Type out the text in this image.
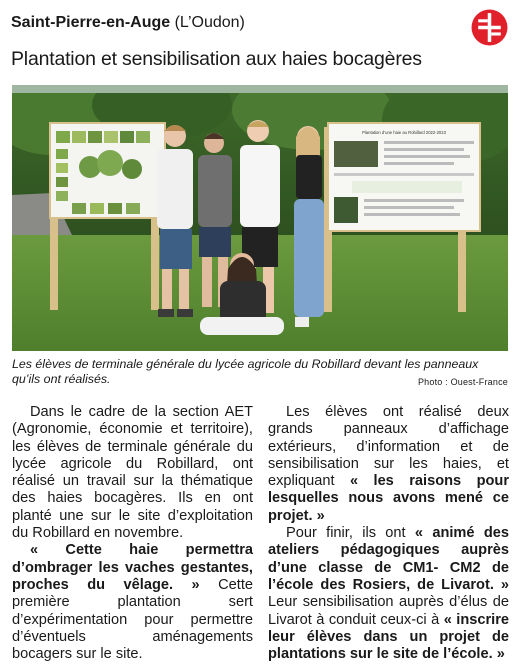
Saint-Pierre-en-Auge (L’Oudon)
Plantation et sensibilisation aux haies bocagères
Plantation d’une haie au Robillard 2022-2023
Les élèves de terminale générale du lycée agricole du Robillard devant les panneaux qu’ils ont réalisés.	Photo : Ouest-France

Dans le cadre de la section AET (Agronomie, économie et territoire), les élèves de terminale générale du lycée agricole du Robillard, ont réalisé un travail sur la thématique des haies bocagères. Ils en ont planté une sur le site d’exploitation du Robillard en novembre.

« Cette haie permettra d’ombrager les vaches gestantes, proches du vêlage. » Cette première plantation sert d’expérimentation pour permettre d’éventuels aménagements bocagers sur le site.

Les élèves ont réalisé deux grands panneaux d’affichage extérieurs, d’information et de sensibilisation sur les haies, et expliquant « les raisons pour lesquelles nous avons mené ce projet. »

Pour finir, ils ont « animé des ateliers pédagogiques auprès d’une classe de CM1- CM2 de l’école des Rosiers, de Livarot. » Leur sensibilisation auprès d’élus de Livarot à conduit ceux-ci à « inscrire leur élèves dans un projet de plantations sur le site de l’école. »
